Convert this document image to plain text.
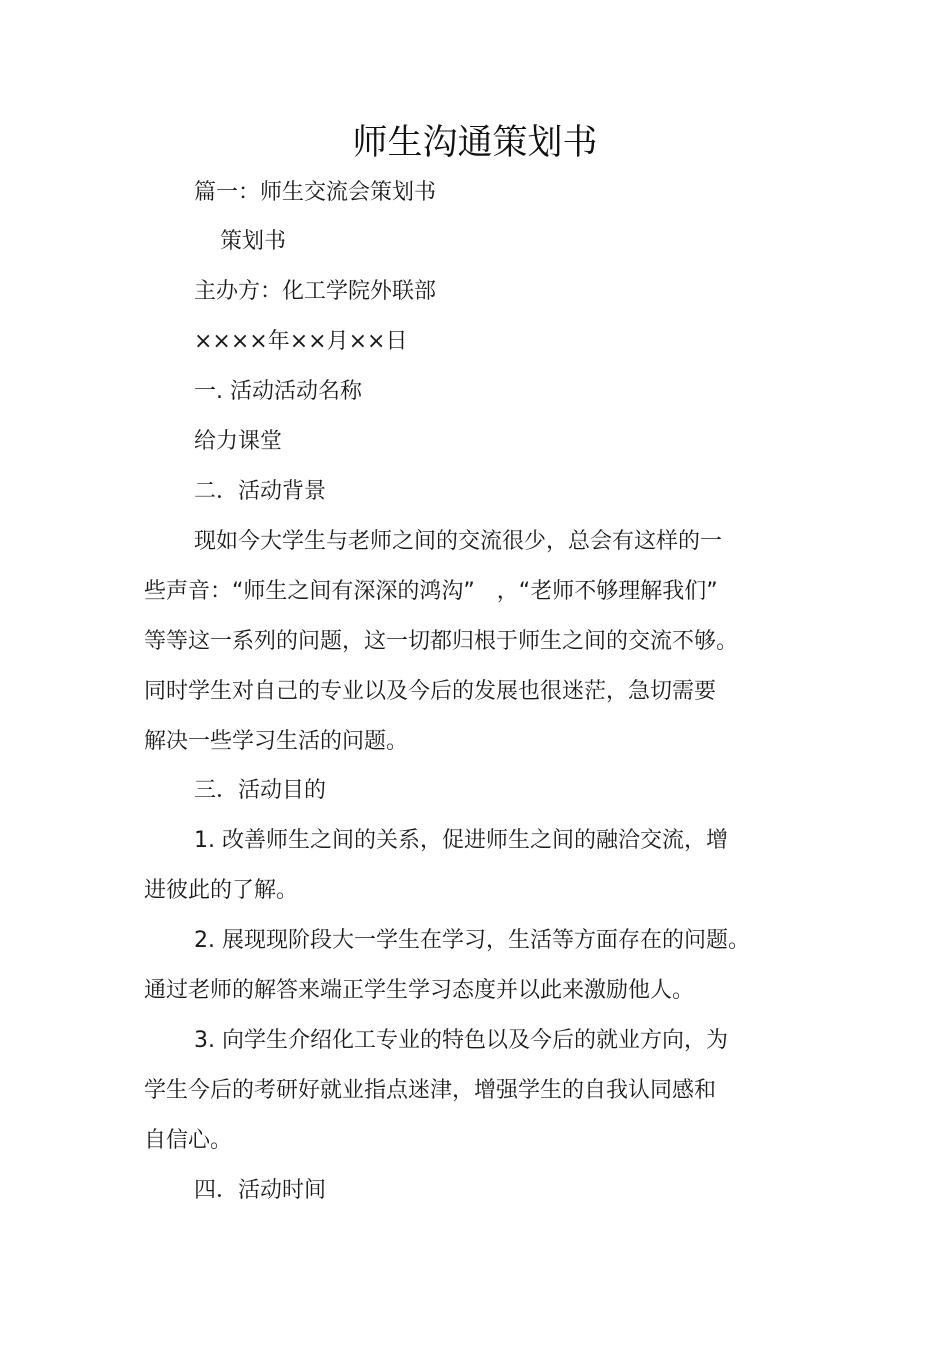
师生沟通策划书

篇一：师生交流会策划书

策划书

主办方：化工学院外联部

××××年××月××日

一. 活动活动名称

给力课堂

二．活动背景

现如今大学生与老师之间的交流很少，总会有这样的一

些声音：“师生之间有深深的鸿沟”　，“老师不够理解我们”

等等这一系列的问题，这一切都归根于师生之间的交流不够。

同时学生对自己的专业以及今后的发展也很迷茫，急切需要

解决一些学习生活的问题。

三．活动目的

1. 改善师生之间的关系，促进师生之间的融洽交流，增

进彼此的了解。

2. 展现现阶段大一学生在学习，生活等方面存在的问题。

通过老师的解答来端正学生学习态度并以此来激励他人。

3. 向学生介绍化工专业的特色以及今后的就业方向，为

学生今后的考研好就业指点迷津，增强学生的自我认同感和

自信心。

四．活动时间
